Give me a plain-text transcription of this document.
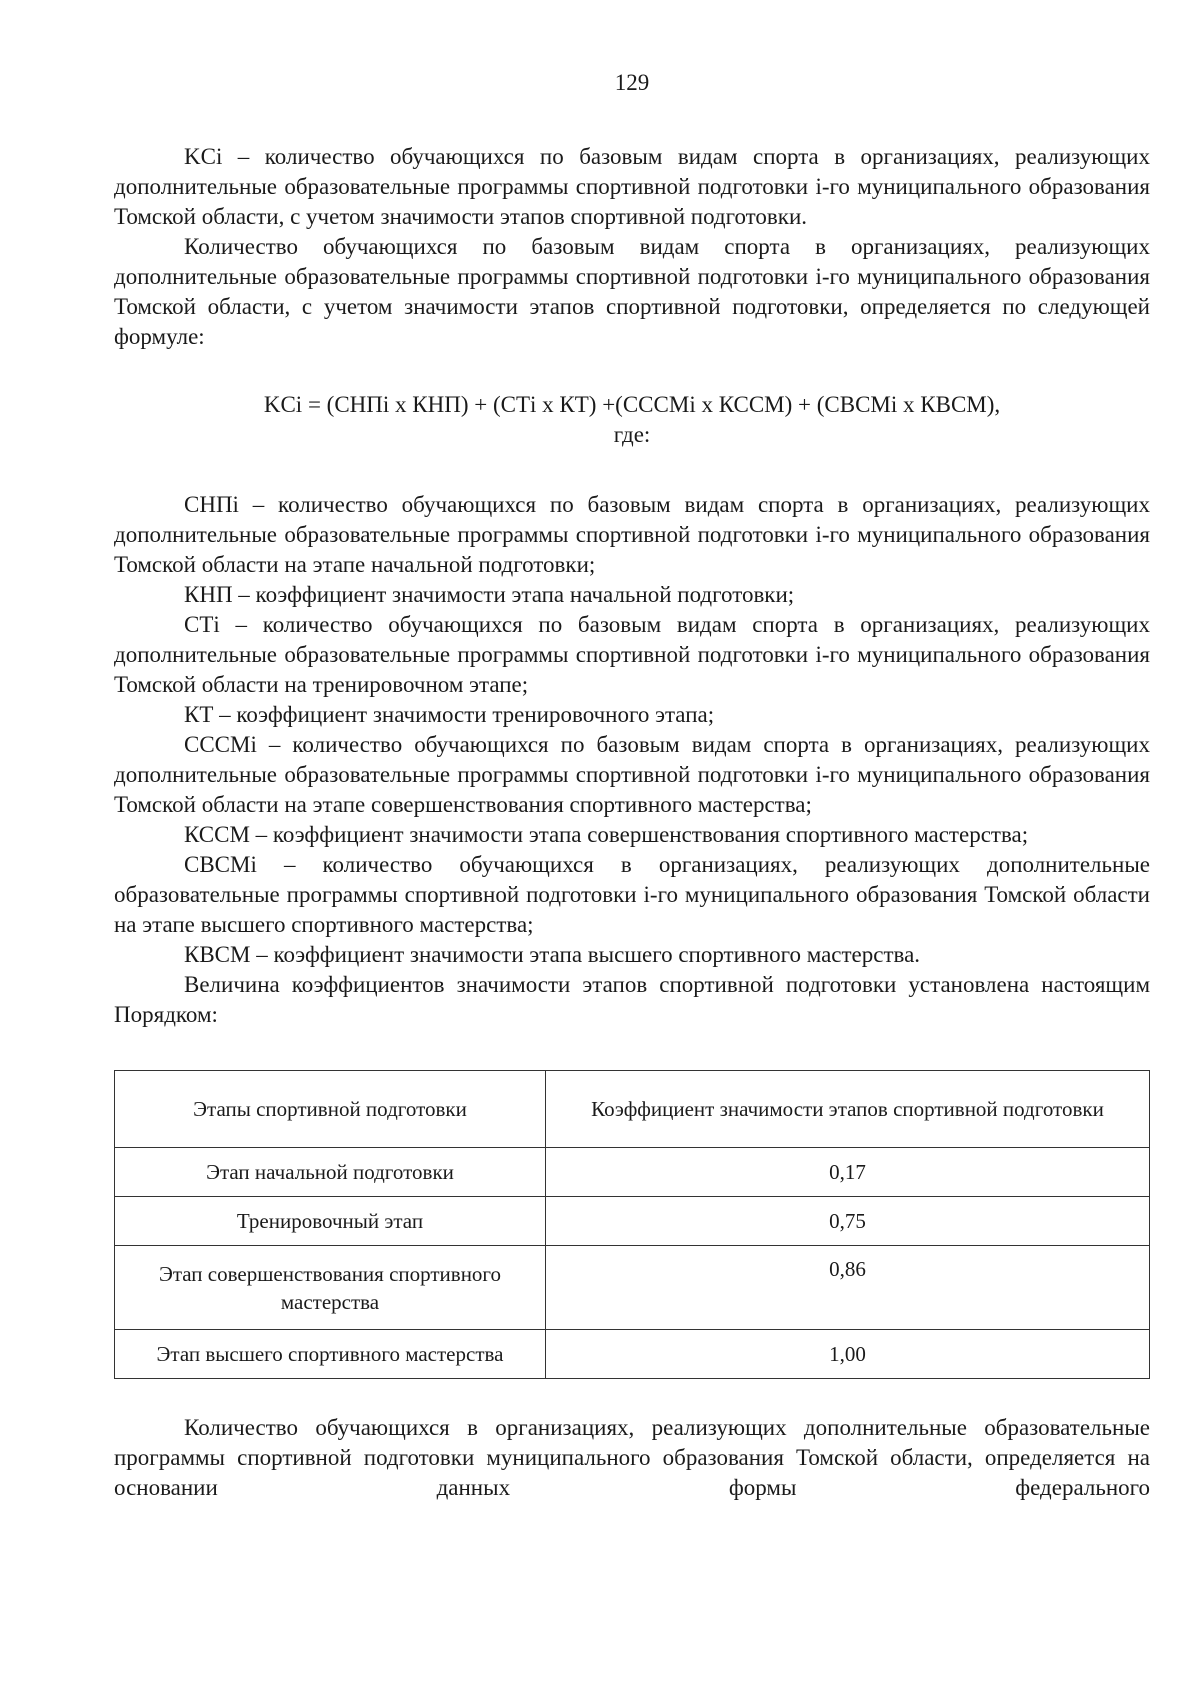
129

KCi – количество обучающихся по базовым видам спорта в организациях, реализующих дополнительные образовательные программы спортивной подготовки i-го муниципального образования Томской области, с учетом значимости этапов спортивной подготовки.

Количество обучающихся по базовым видам спорта в организациях, реализующих дополнительные образовательные программы спортивной подготовки i-го муниципального образования Томской области, с учетом значимости этапов спортивной подготовки, определяется по следующей формуле:

KCi = (СНПi x КНП) + (СТi x КТ) +(СССМi x КССМ) + (СВСМi x КВСМ),

где:

СНПi – количество обучающихся по базовым видам спорта в организациях, реализующих дополнительные образовательные программы спортивной подготовки i-го муниципального образования Томской области на этапе начальной подготовки;

КНП – коэффициент значимости этапа начальной подготовки;

СТi – количество обучающихся по базовым видам спорта в организациях, реализующих дополнительные образовательные программы спортивной подготовки i-го муниципального образования Томской области на тренировочном этапе;

КТ – коэффициент значимости тренировочного этапа;

СССМi – количество обучающихся по базовым видам спорта в организациях, реализующих дополнительные образовательные программы спортивной подготовки i-го муниципального образования Томской области на этапе совершенствования спортивного мастерства;

КССМ – коэффициент значимости этапа совершенствования спортивного мастерства;

СВСМi – количество обучающихся в организациях, реализующих дополнительные образовательные программы спортивной подготовки i-го муниципального образования Томской области на этапе высшего спортивного мастерства;

КВСМ – коэффициент значимости этапа высшего спортивного мастерства.

Величина коэффициентов значимости этапов спортивной подготовки установлена настоящим Порядком:

Этапы спортивной подготовки	Коэффициент значимости этапов спортивной подготовки
Этап начальной подготовки	0,17
Тренировочный этап	0,75
Этап совершенствования спортивного мастерства	0,86
Этап высшего спортивного мастерства	1,00

Количество обучающихся в организациях, реализующих дополнительные образовательные программы спортивной подготовки муниципального образования Томской области, определяется на основании данных формы федерального
